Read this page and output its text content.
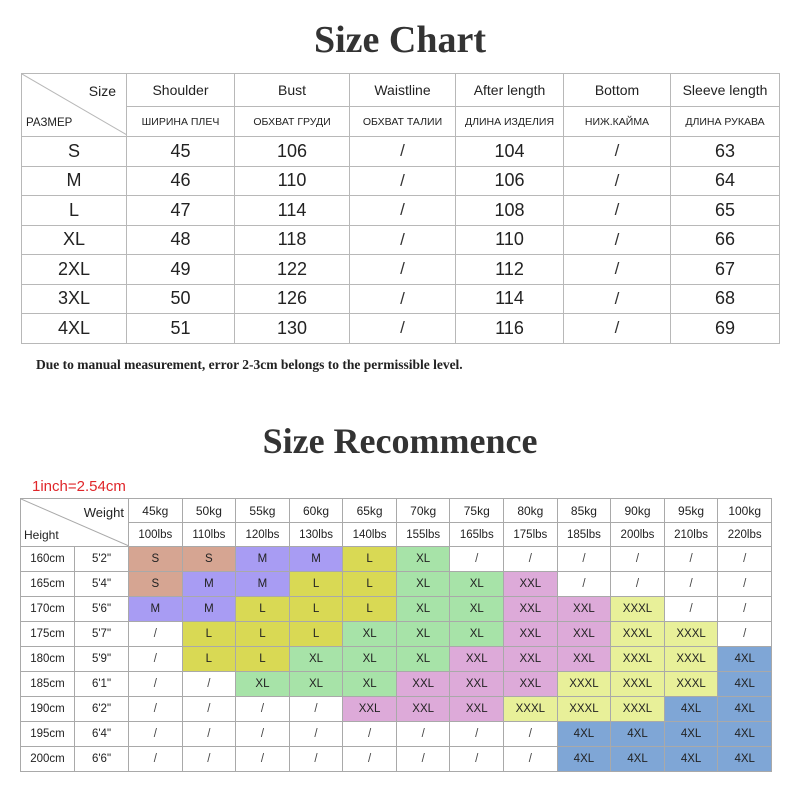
Size Chart
Size
РАЗМЕР	Shoulder	Bust	Waistline	After length	Bottom	Sleeve length
	ШИРИНА ПЛЕЧ	ОБХВАТ ГРУДИ	ОБХВАТ ТАЛИИ	ДЛИНА ИЗДЕЛИЯ	НИЖ.КАЙМА	ДЛИНА РУКАВА
S	45	106	/	104	/	63
M	46	110	/	106	/	64
L	47	114	/	108	/	65
XL	48	118	/	110	/	66
2XL	49	122	/	112	/	67
3XL	50	126	/	114	/	68
4XL	51	130	/	116	/	69
Due to manual measurement, error 2-3cm belongs to the permissible level.
Size Recommence
1inch=2.54cm
Weight
Height		45kg	50kg	55kg	60kg	65kg	70kg	75kg	80kg	85kg	90kg	95kg	100kg
		100lbs	110lbs	120lbs	130lbs	140lbs	155lbs	165lbs	175lbs	185lbs	200lbs	210lbs	220lbs
160cm	5'2"	S	S	M	M	L	XL	/	/	/	/	/	/
165cm	5'4"	S	M	M	L	L	XL	XL	XXL	/	/	/	/
170cm	5'6"	M	M	L	L	L	XL	XL	XXL	XXL	XXXL	/	/
175cm	5'7"	/	L	L	L	XL	XL	XL	XXL	XXL	XXXL	XXXL	/
180cm	5'9"	/	L	L	XL	XL	XL	XXL	XXL	XXL	XXXL	XXXL	4XL
185cm	6'1"	/	/	XL	XL	XL	XXL	XXL	XXL	XXXL	XXXL	XXXL	4XL
190cm	6'2"	/	/	/	/	XXL	XXL	XXL	XXXL	XXXL	XXXL	4XL	4XL
195cm	6'4"	/	/	/	/	/	/	/	/	4XL	4XL	4XL	4XL
200cm	6'6"	/	/	/	/	/	/	/	/	4XL	4XL	4XL	4XL
